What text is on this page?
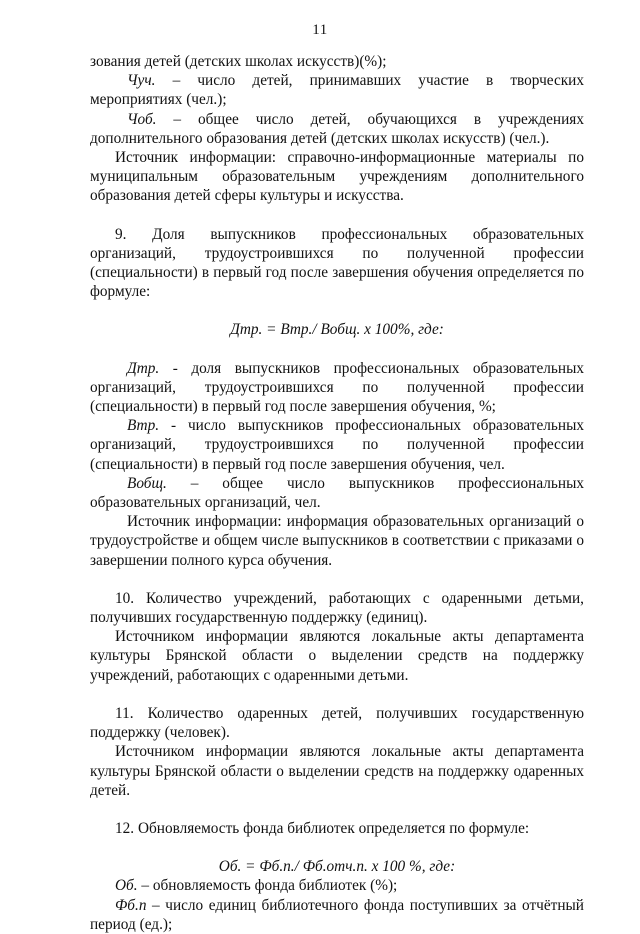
11

зования детей (детских школах искусств)(%);

Чуч. – число детей, принимавших участие в творческих мероприятиях (чел.);

Чоб. – общее число детей, обучающихся в учреждениях дополнительного образования детей (детских школах искусств) (чел.).

Источник информации: справочно-информационные материалы по муниципальным образовательным учреждениям дополнительного образования детей сферы культуры и искусства.

9. Доля выпускников профессиональных образовательных организаций, трудоустроившихся по полученной профессии (специальности) в первый год после завершения обучения определяется по формуле:

Дтр. = Втр./ Вобщ. х 100%, где:

Дтр. - доля выпускников профессиональных образовательных организаций, трудоустроившихся по полученной профессии (специальности) в первый год после завершения обучения, %;

Втр. - число выпускников профессиональных образовательных организаций, трудоустроившихся по полученной профессии (специальности) в первый год после завершения обучения, чел.

Вобщ. – общее число выпускников профессиональных образовательных организаций, чел.

Источник информации: информация образовательных организаций о трудоустройстве и общем числе выпускников в соответствии с приказами о завершении полного курса обучения.

10. Количество учреждений, работающих с одаренными детьми, получивших государственную поддержку (единиц).

Источником информации являются локальные акты департамента культуры Брянской области о выделении средств на поддержку учреждений, работающих с одаренными детьми.

11. Количество одаренных детей, получивших государственную поддержку (человек).

Источником информации являются локальные акты департамента культуры Брянской области о выделении средств на поддержку одаренных детей.

12. Обновляемость фонда библиотек определяется по формуле:

Об. = Фб.п./ Фб.отч.п. х 100 %, где:

Об. – обновляемость фонда библиотек (%);

Фб.п – число единиц библиотечного фонда поступивших за отчётный период (ед.);
